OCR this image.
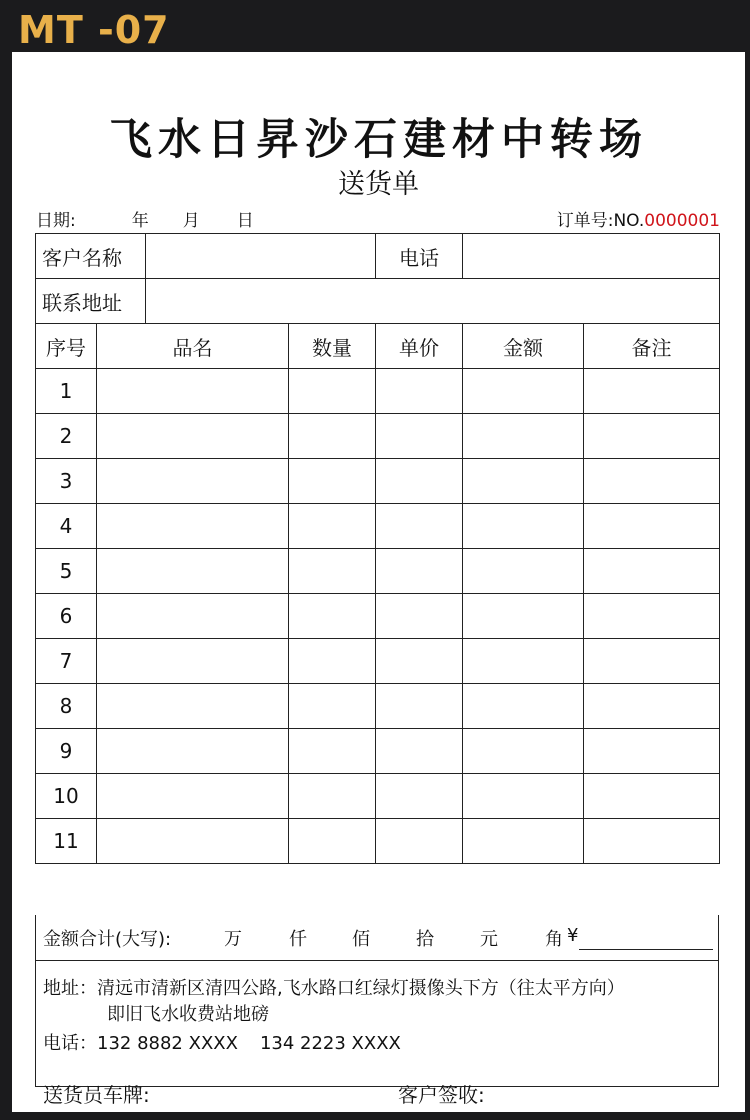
MT -07
飞水日昇沙石建材中转场
送货单
日期:	年 月 日	订单号:NO.0000001
客户名称				电话		
联系地址						
序号	品名		数量	单价	金额	备注
1						
2						
3						
4						
5						
6						
7						
8						
9						
10						
11						
金额合计(大写):	万	仟	佰	拾	元	角 ¥
地址：清远市清新区清四公路,飞水路口红绿灯摄像头下方（往太平方向）
即旧飞水收费站地磅
电话：132 8882 XXXX 134 2223 XXXX
送货员车牌:	客户签收:
